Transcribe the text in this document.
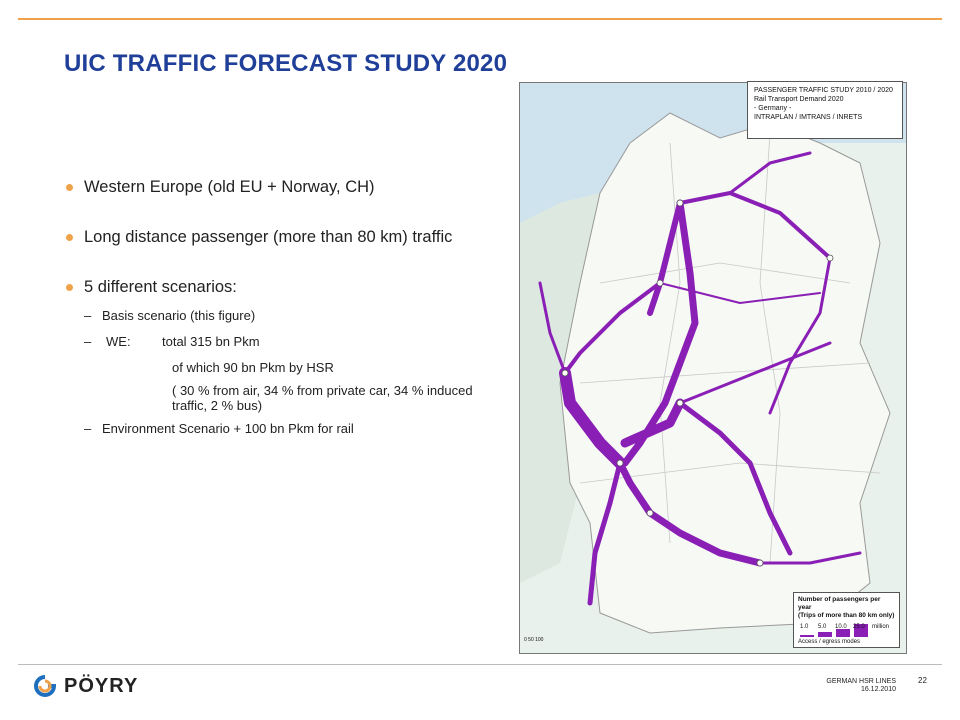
UIC TRAFFIC FORECAST STUDY 2020
Western Europe (old EU + Norway, CH)
Long distance passenger (more than 80 km) traffic
5 different scenarios:
– Basis scenario (this figure)
– WE: total 315 bn Pkm
of which 90 bn Pkm by HSR
( 30 % from air, 34 % from private car, 34 % induced traffic, 2 % bus)
– Environment Scenario + 100 bn Pkm for rail
PASSENGER TRAFFIC STUDY 2010 / 2020
Rail Transport Demand 2020
- Germany -
INTRAPLAN / IMTRANS / INRETS
Number of passengers per year
(Trips of more than 80 km only)
1.0 5.0 10.0 25.0 million
Access / egress modes
0 50 100
PÖYRY	GERMAN HSR LINES
16.12.2010
22
